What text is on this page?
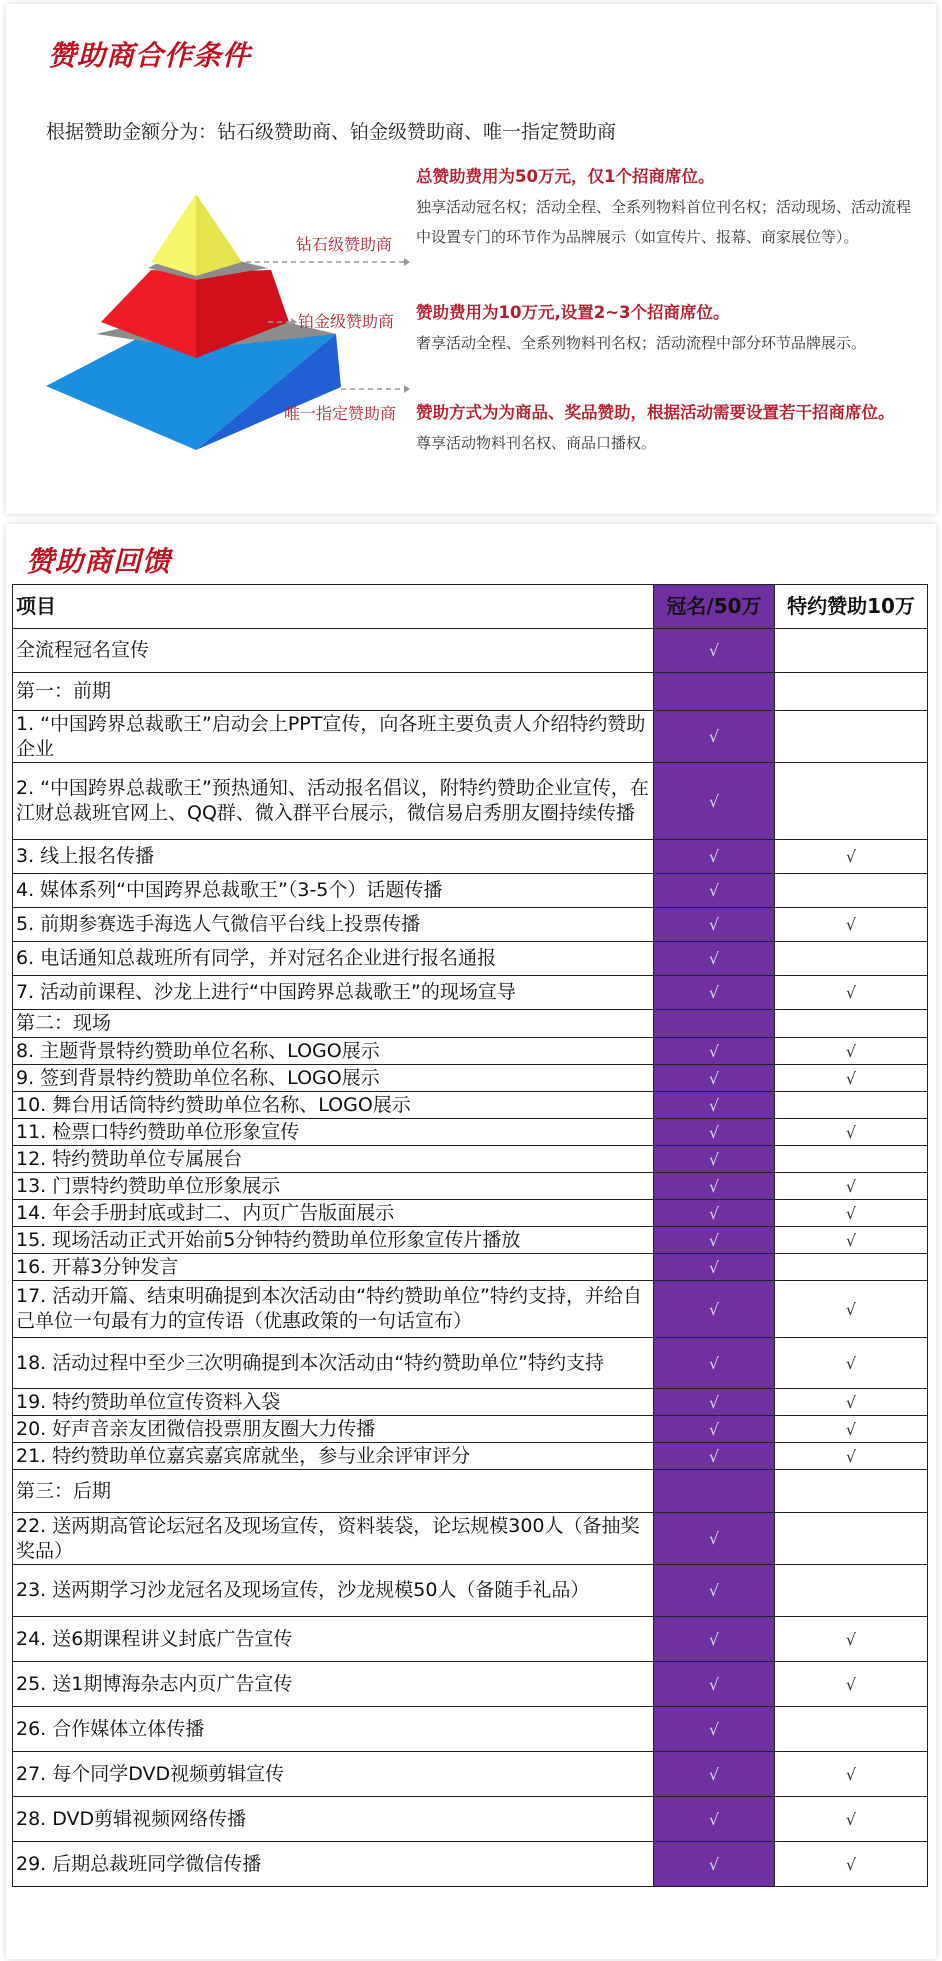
赞助商合作条件
根据赞助金额分为：钻石级赞助商、铂金级赞助商、唯一指定赞助商
钻石级赞助商
铂金级赞助商
唯一指定赞助商
总赞助费用为50万元，仅1个招商席位。
独享活动冠名权；活动全程、全系列物料首位刊名权；活动现场、活动流程中设置专门的环节作为品牌展示（如宣传片、报幕、商家展位等）。
赞助费用为10万元,设置2~3个招商席位。
奢享活动全程、全系列物料刊名权；活动流程中部分环节品牌展示。
赞助方式为为商品、奖品赞助，根据活动需要设置若干招商席位。
尊享活动物料刊名权、商品口播权。
赞助商回馈
项目	冠名/50万	特约赞助10万
全流程冠名宣传	√	
第一：前期		
1. “中国跨界总裁歌王”启动会上PPT宣传，向各班主要负责人介绍特约赞助企业	√	
2. “中国跨界总裁歌王”预热通知、活动报名倡议，附特约赞助企业宣传，在江财总裁班官网上、QQ群、微入群平台展示，微信易启秀朋友圈持续传播	√	
3. 线上报名传播	√	√
4. 媒体系列“中国跨界总裁歌王”（3-5个）话题传播	√	
5. 前期参赛选手海选人气微信平台线上投票传播	√	√
6. 电话通知总裁班所有同学，并对冠名企业进行报名通报	√	
7. 活动前课程、沙龙上进行“中国跨界总裁歌王”的现场宣导	√	√
第二：现场		
8. 主题背景特约赞助单位名称、LOGO展示	√	√
9. 签到背景特约赞助单位名称、LOGO展示	√	√
10. 舞台用话筒特约赞助单位名称、LOGO展示	√	
11. 检票口特约赞助单位形象宣传	√	√
12. 特约赞助单位专属展台	√	
13. 门票特约赞助单位形象展示	√	√
14. 年会手册封底或封二、内页广告版面展示	√	√
15. 现场活动正式开始前5分钟特约赞助单位形象宣传片播放	√	√
16. 开幕3分钟发言	√	
17. 活动开篇、结束明确提到本次活动由“特约赞助单位”特约支持，并给自己单位一句最有力的宣传语（优惠政策的一句话宣布）	√	√
18. 活动过程中至少三次明确提到本次活动由“特约赞助单位”特约支持	√	√
19. 特约赞助单位宣传资料入袋	√	√
20. 好声音亲友团微信投票朋友圈大力传播	√	√
21. 特约赞助单位嘉宾嘉宾席就坐，参与业余评审评分	√	√
第三：后期		
22. 送两期高管论坛冠名及现场宣传，资料装袋，论坛规模300人（备抽奖奖品）	√	
23. 送两期学习沙龙冠名及现场宣传，沙龙规模50人（备随手礼品）	√	
24. 送6期课程讲义封底广告宣传	√	√
25. 送1期博海杂志内页广告宣传	√	√
26. 合作媒体立体传播	√	
27. 每个同学DVD视频剪辑宣传	√	√
28. DVD剪辑视频网络传播	√	√
29. 后期总裁班同学微信传播	√	√
